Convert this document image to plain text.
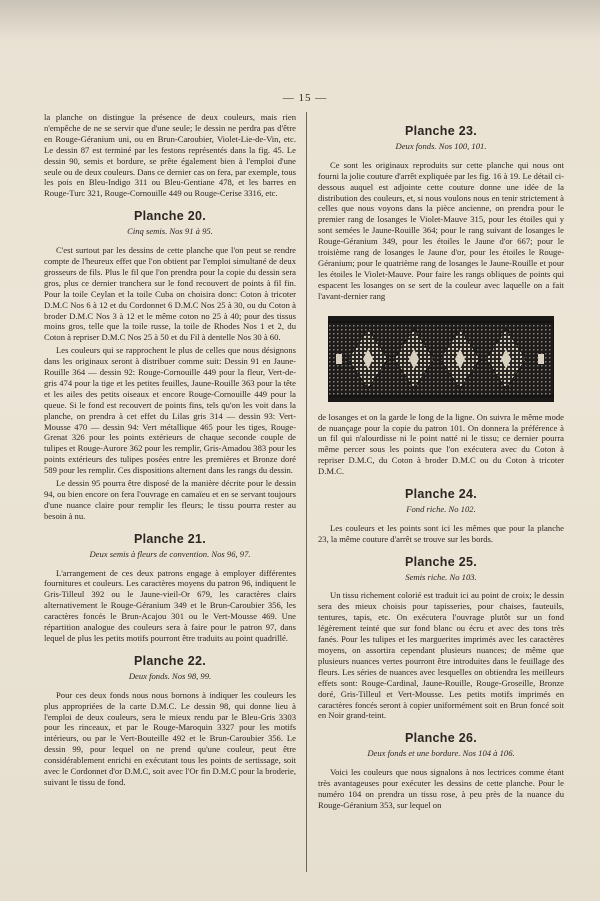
— 15 —

la planche on distingue la présence de deux couleurs, mais rien n'empêche de ne se servir que d'une seule; le dessin ne perdra pas d'être en Rouge-Géranium uni, ou en Brun-Caroubier, Violet-Lie-de-Vin, etc. Le dessin 87 est terminé par les festons représentés dans la fig. 45. Le dessin 90, semis et bordure, se prête également bien à l'emploi d'une seule ou de deux couleurs. Dans ce dernier cas on fera, par exemple, tous les pois en Bleu-Indigo 311 ou Bleu-Gentiane 478, et les barres en Rouge-Turc 321, Rouge-Cornouille 449 ou Rouge-Cerise 3316, etc.

Planche 20.
Cinq semis. Nos 91 à 95.

C'est surtout par les dessins de cette planche que l'on peut se rendre compte de l'heureux effet que l'on obtient par l'emploi simultané de deux grosseurs de fils. Plus le fil que l'on prendra pour la copie du dessin sera gros, plus ce dernier tranchera sur le fond recouvert de points à fil fin. Pour la toile Ceylan et la toile Cuba on choisira donc: Coton à tricoter D.M.C Nos 6 à 12 et du Cordonnet 6 D.M.C Nos 25 à 30, ou du Coton à broder D.M.C Nos 3 à 12 et le même coton no 25 à 40; pour des tissus moins gros, telle que la toile russe, la toile de Rhodes Nos 1 et 2, du Coton à repriser D.M.C Nos 25 à 50 et du Fil à dentelle Nos 30 à 60.

Les couleurs qui se rapprochent le plus de celles que nous désignons dans les originaux seront à distribuer comme suit: Dessin 91 en Jaune-Rouille 364 — dessin 92: Rouge-Cornouille 449 pour la fleur, Vert-de-gris 474 pour la tige et les petites feuilles, Jaune-Rouille 363 pour la tête et les ailes des petits oiseaux et encore Rouge-Cornouille 449 pour la queue. Si le fond est recouvert de points fins, tels qu'on les voit dans la planche, on prendra à cet effet du Lilas gris 314 — dessin 93: Vert-Mousse 470 — dessin 94: Vert métallique 465 pour les tiges, Rouge-Grenat 326 pour les points extérieurs de chaque seconde couple de tulipes et Rouge-Aurore 362 pour les remplir, Gris-Amadou 383 pour les points extérieurs des tulipes posées entre les premières et Bronze doré 589 pour les remplir. Ces dispositions alternent dans les rangs du dessin.

Le dessin 95 pourra être disposé de la manière décrite pour le dessin 94, ou bien encore on fera l'ouvrage en camaïeu et en se servant toujours d'une nuance claire pour remplir les fleurs; le tissu pourra rester au besoin à nu.

Planche 21.
Deux semis à fleurs de convention. Nos 96, 97.

L'arrangement de ces deux patrons engage à employer différentes fournitures et couleurs. Les caractères moyens du patron 96, indiquent le Gris-Tilleul 392 ou le Jaune-vieil-Or 679, les caractères clairs alternativement le Rouge-Géranium 349 et le Brun-Caroubier 356, les caractères foncés le Brun-Acajou 301 ou le Vert-Mousse 469. Une répartition analogue des couleurs sera à faire pour le patron 97, dans lequel de plus les petits motifs pourront être traduits au point quadrillé.

Planche 22.
Deux fonds. Nos 98, 99.

Pour ces deux fonds nous nous bornons à indiquer les couleurs les plus appropriées de la carte D.M.C. Le dessin 98, qui donne lieu à l'emploi de deux couleurs, sera le mieux rendu par le Bleu-Gris 3303 pour les rinceaux, et par le Rouge-Maroquin 3327 pour les motifs intérieurs, ou par le Vert-Bouteille 492 et le Brun-Caroubier 356. Le dessin 99, pour lequel on ne prend qu'une couleur, peut être considérablement enrichi en exécutant tous les points de sertissage, soit avec le Cordonnet d'or D.M.C, soit avec l'Or fin D.M.C pour la broderie, suivant le tissu de fond.

Planche 23.
Deux fonds. Nos 100, 101.

Ce sont les originaux reproduits sur cette planche qui nous ont fourni la jolie couture d'arrêt expliquée par les fig. 16 à 19. Le détail ci-dessous auquel est adjointe cette couture donne une idée de la distribution des couleurs, et, si nous voulons nous en tenir strictement à celles que nous voyons dans la pièce ancienne, on prendra pour le premier rang de losanges le Violet-Mauve 315, pour les étoiles qui y sont semées le Jaune-Rouille 364; pour le rang suivant de losanges le Rouge-Géranium 349, pour les étoiles le Jaune d'or 667; pour le troisième rang de losanges le Jaune d'or, pour les étoiles le Rouge-Géranium; pour le quatrième rang de losanges le Jaune-Rouille et pour les étoiles le Violet-Mauve. Pour faire les rangs obliques de points qui espacent les losanges on se sert de la couleur avec laquelle on a fait l'avant-dernier rang

de losanges et on la garde le long de la ligne. On suivra le même mode de nuançage pour la copie du patron 101. On donnera la préférence à un fil qui n'alourdisse ni le point natté ni le tissu; ce dernier pourra même percer sous les points que l'on exécutera avec du Coton à repriser D.M.C, du Coton à broder D.M.C ou du Coton à tricoter D.M.C.

Planche 24.
Fond riche. No 102.

Les couleurs et les points sont ici les mêmes que pour la planche 23, la même couture d'arrêt se trouve sur les bords.

Planche 25.
Semis riche. No 103.

Un tissu richement colorié est traduit ici au point de croix; le dessin sera des mieux choisis pour tapisseries, pour chaises, fauteuils, tentures, tapis, etc. On exécutera l'ouvrage plutôt sur un fond légèrement teinté que sur fond blanc ou écru et avec des tons très fanés. Pour les tulipes et les marguerites imprimés avec les caractères moyens, on assortira cependant plusieurs nuances; de même que plusieurs nuances vertes pourront être introduites dans le feuillage des fleurs. Les séries de nuances avec lesquelles on obtiendra les meilleurs effets sont: Rouge-Cardinal, Jaune-Rouille, Rouge-Groseille, Bronze doré, Gris-Tilleul et Vert-Mousse. Les petits motifs imprimés en caractères foncés seront à copier uniformément soit en Brun foncé soit en Noir grand-teint.

Planche 26.
Deux fonds et une bordure. Nos 104 à 106.

Voici les couleurs que nous signalons à nos lectrices comme étant très avantageuses pour exécuter les dessins de cette planche. Pour le numéro 104 on prendra un tissu rose, à peu près de la nuance du Rouge-Géranium 353, sur lequel on
